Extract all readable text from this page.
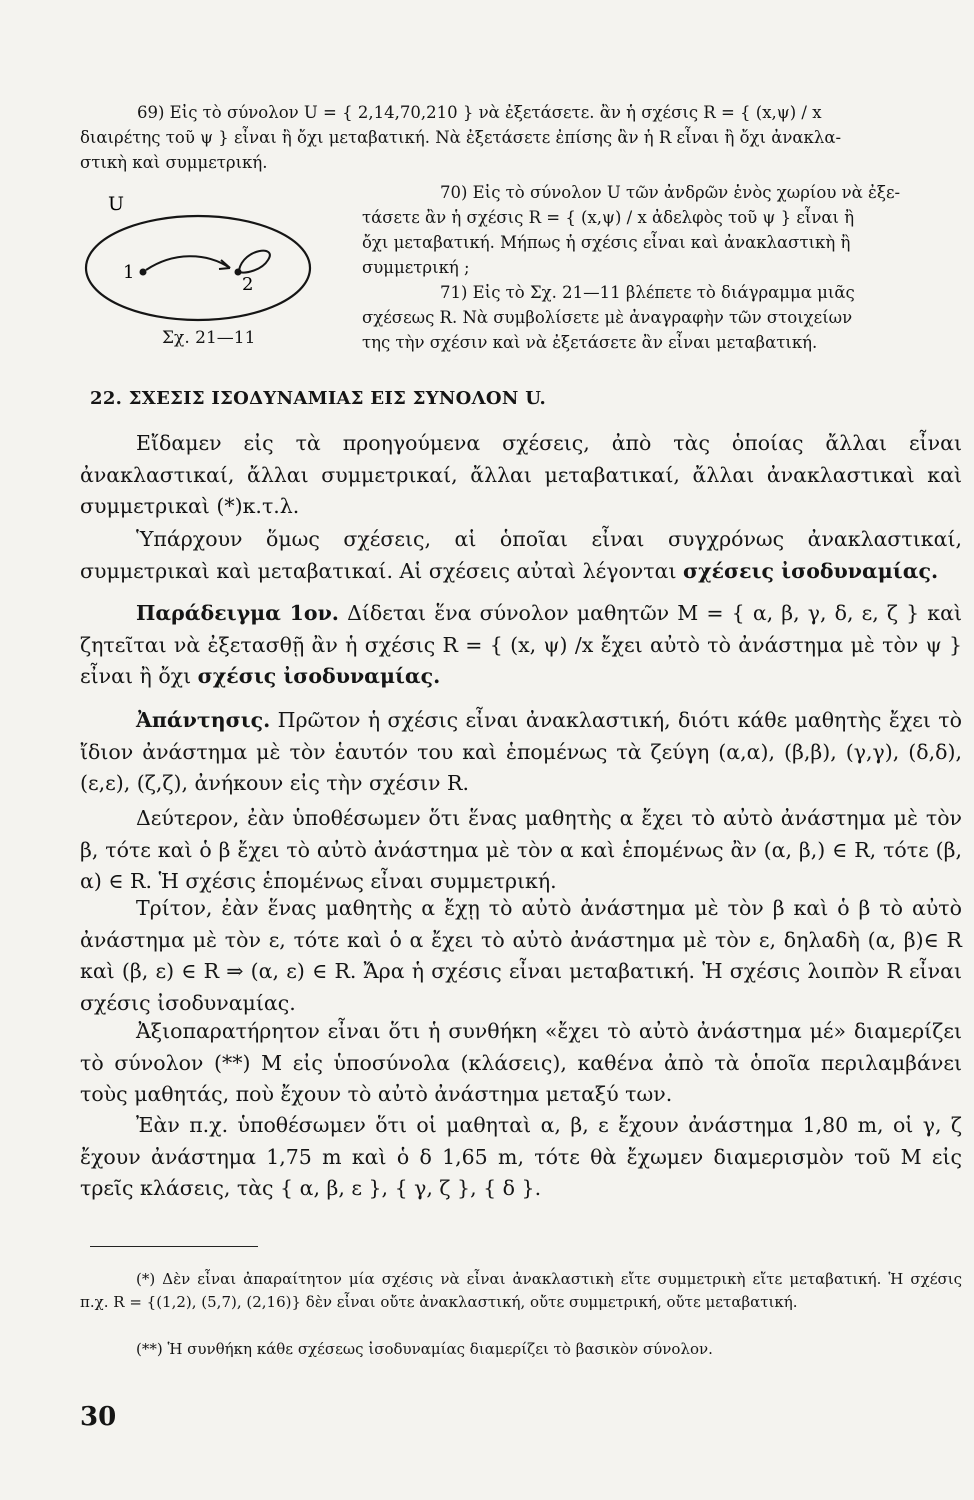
69) Εἰς τὸ σύνολον U = { 2,14,70,210 } νὰ ἐξετάσετε. ἂν ἡ σχέσις R = { (x,ψ) / x
διαιρέτης τοῦ ψ } εἶναι ἢ ὄχι μεταβατική. Νὰ ἐξετάσετε ἐπίσης ἂν ἡ R εἶναι ἢ ὄχι ἀνακλα-
στικὴ καὶ συμμετρική.
U
1
2
Σχ. 21—11
70) Εἰς τὸ σύνολον U τῶν ἀνδρῶν ἑνὸς χωρίου νὰ ἐξε-
τάσετε ἂν ἡ σχέσις R = { (x,ψ) / x ἀδελφὸς τοῦ ψ } εἶναι ἢ
ὄχι μεταβατική. Μήπως ἡ σχέσις εἶναι καὶ ἀνακλαστικὴ ἢ
συμμετρική ;
71) Εἰς τὸ Σχ. 21—11 βλέπετε τὸ διάγραμμα μιᾶς
σχέσεως R. Νὰ συμβολίσετε μὲ ἀναγραφὴν τῶν στοιχείων
της τὴν σχέσιν καὶ νὰ ἐξετάσετε ἂν εἶναι μεταβατική.
22. ΣΧΕΣΙΣ ΙΣΟΔΥΝΑΜΙΑΣ ΕΙΣ ΣΥΝΟΛΟΝ U.

Εἴδαμεν εἰς τὰ προηγούμενα σχέσεις, ἀπὸ τὰς ὁποίας ἄλλαι εἶναι ἀνακλαστικαί, ἄλλαι συμμετρικαί, ἄλλαι μεταβατικαί, ἄλλαι ἀνακλαστικαὶ καὶ συμμετρικαὶ (*)κ.τ.λ.

Ὑπάρχουν ὅμως σχέσεις, αἱ ὁποῖαι εἶναι συγχρόνως ἀνακλαστικαί, συμμετρικαὶ καὶ μεταβατικαί. Αἱ σχέσεις αὐταὶ λέγονται σχέσεις ἰσοδυναμίας.

Παράδειγμα 1ον. Δίδεται ἕνα σύνολον μαθητῶν M = { α, β, γ, δ, ε, ζ } καὶ ζητεῖται νὰ ἐξετασθῇ ἂν ἡ σχέσις R = { (x, ψ) /x ἔχει αὐτὸ τὸ ἀνάστημα μὲ τὸν ψ } εἶναι ἢ ὄχι σχέσις ἰσοδυναμίας.

Ἀπάντησις. Πρῶτον ἡ σχέσις εἶναι ἀνακλαστική, διότι κάθε μαθητὴς ἔχει τὸ ἴδιον ἀνάστημα μὲ τὸν ἑαυτόν του καὶ ἑπομένως τὰ ζεύγη (α,α), (β,β), (γ,γ), (δ,δ), (ε,ε), (ζ,ζ), ἀνήκουν εἰς τὴν σχέσιν R.

Δεύτερον, ἐὰν ὑποθέσωμεν ὅτι ἕνας μαθητὴς α ἔχει τὸ αὐτὸ ἀνάστημα μὲ τὸν β, τότε καὶ ὁ β ἔχει τὸ αὐτὸ ἀνάστημα μὲ τὸν α καὶ ἑπομένως ἂν (α, β,) ∈ R, τότε (β, α) ∈ R. Ἡ σχέσις ἑπομένως εἶναι συμμετρική.

Τρίτον, ἐὰν ἕνας μαθητὴς α ἔχῃ τὸ αὐτὸ ἀνάστημα μὲ τὸν β καὶ ὁ β τὸ αὐτὸ ἀνάστημα μὲ τὸν ε, τότε καὶ ὁ α ἔχει τὸ αὐτὸ ἀνάστημα μὲ τὸν ε, δηλαδὴ (α, β)∈ R καὶ (β, ε) ∈ R ⇒ (α, ε) ∈ R. Ἄρα ἡ σχέσις εἶναι μεταβατική. Ἡ σχέσις λοιπὸν R εἶναι σχέσις ἰσοδυναμίας.

Ἀξιοπαρατήρητον εἶναι ὅτι ἡ συνθήκη «ἔχει τὸ αὐτὸ ἀνάστημα μέ» διαμερίζει τὸ σύνολον (**) M εἰς ὑποσύνολα (κλάσεις), καθένα ἀπὸ τὰ ὁποῖα περιλαμβάνει τοὺς μαθητάς, ποὺ ἔχουν τὸ αὐτὸ ἀνάστημα μεταξύ των.

Ἐὰν π.χ. ὑποθέσωμεν ὅτι οἱ μαθηταὶ α, β, ε ἔχουν ἀνάστημα 1,80 m, οἱ γ, ζ ἔχουν ἀνάστημα 1,75 m καὶ ὁ δ 1,65 m, τότε θὰ ἔχωμεν διαμερισμὸν τοῦ M εἰς τρεῖς κλάσεις, τὰς { α, β, ε }, { γ, ζ }, { δ }.

(*) Δὲν εἶναι ἀπαραίτητον μία σχέσις νὰ εἶναι ἀνακλαστικὴ εἴτε συμμετρικὴ εἴτε μεταβατική. Ἡ σχέσις π.χ. R = {(1,2), (5,7), (2,16)} δὲν εἶναι οὔτε ἀνακλαστική, οὔτε συμμετρική, οὔτε μεταβατική.

(**) Ἡ συνθήκη κάθε σχέσεως ἰσοδυναμίας διαμερίζει τὸ βασικὸν σύνολον.

30
